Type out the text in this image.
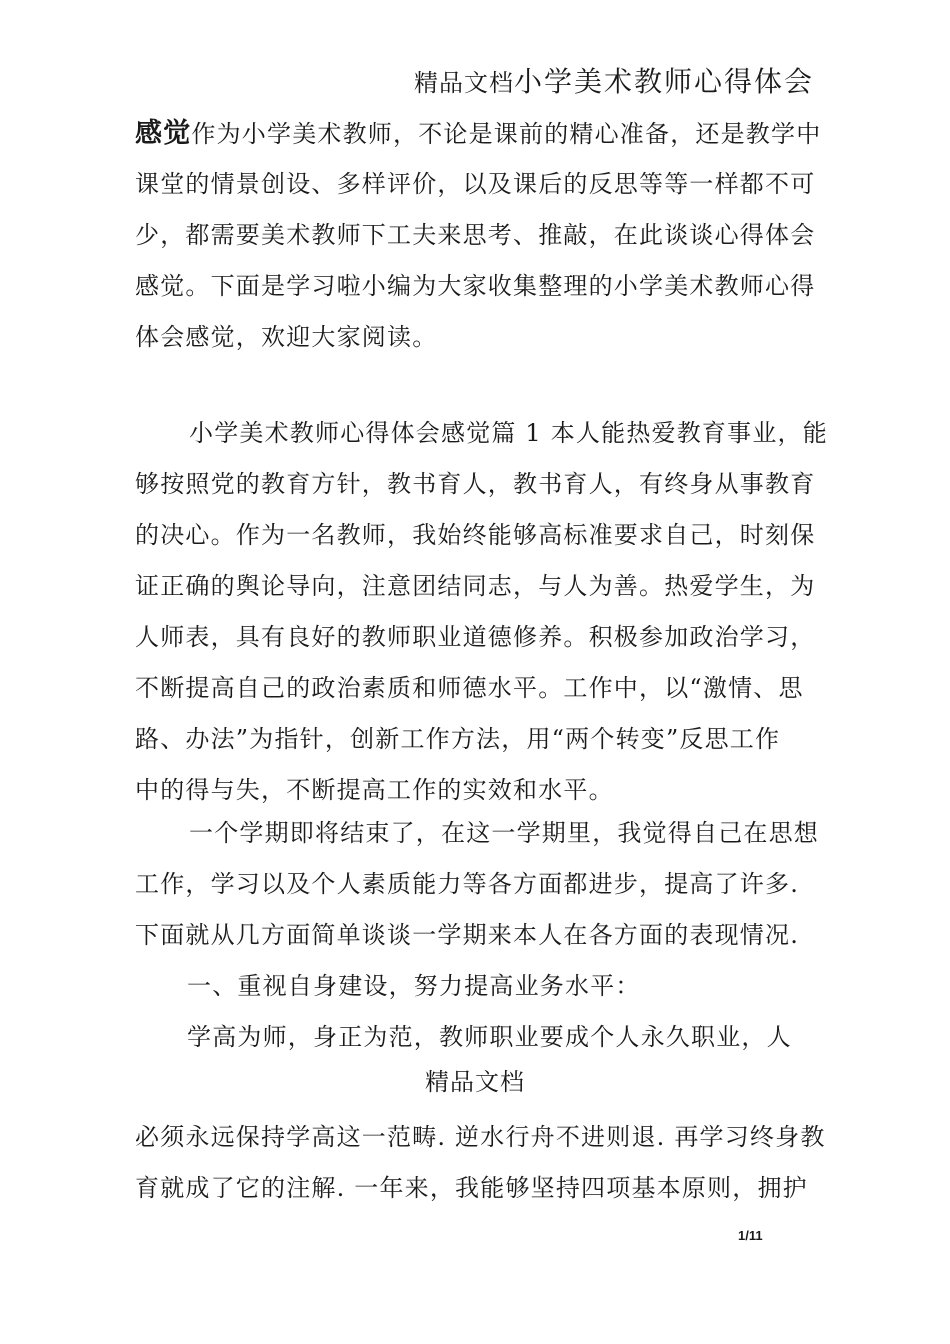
精品文档小学美术教师心得体会
感觉作为小学美术教师，不论是课前的精心准备，还是教学中
课堂的情景创设、多样评价，以及课后的反思等等一样都不可
少，都需要美术教师下工夫来思考、推敲，在此谈谈心得体会
感觉。下面是学习啦小编为大家收集整理的小学美术教师心得
体会感觉，欢迎大家阅读。
小学美术教师心得体会感觉篇 1 本人能热爱教育事业，能
够按照党的教育方针，教书育人，教书育人，有终身从事教育
的决心。作为一名教师，我始终能够高标准要求自己，时刻保
证正确的舆论导向，注意团结同志，与人为善。热爱学生，为
人师表，具有良好的教师职业道德修养。积极参加政治学习，
不断提高自己的政治素质和师德水平。工作中，以“激情、思
路、办法”为指针，创新工作方法，用“两个转变”反思工作
中的得与失，不断提高工作的实效和水平。
一个学期即将结束了，在这一学期里，我觉得自己在思想
工作，学习以及个人素质能力等各方面都进步，提高了许多.
下面就从几方面简单谈谈一学期来本人在各方面的表现情况.
一、重视自身建设，努力提高业务水平：
学高为师，身正为范，教师职业要成个人永久职业，人
精品文档
必须永远保持学高这一范畴. 逆水行舟不进则退. 再学习终身教
育就成了它的注解. 一年来，我能够坚持四项基本原则，拥护
1/11
